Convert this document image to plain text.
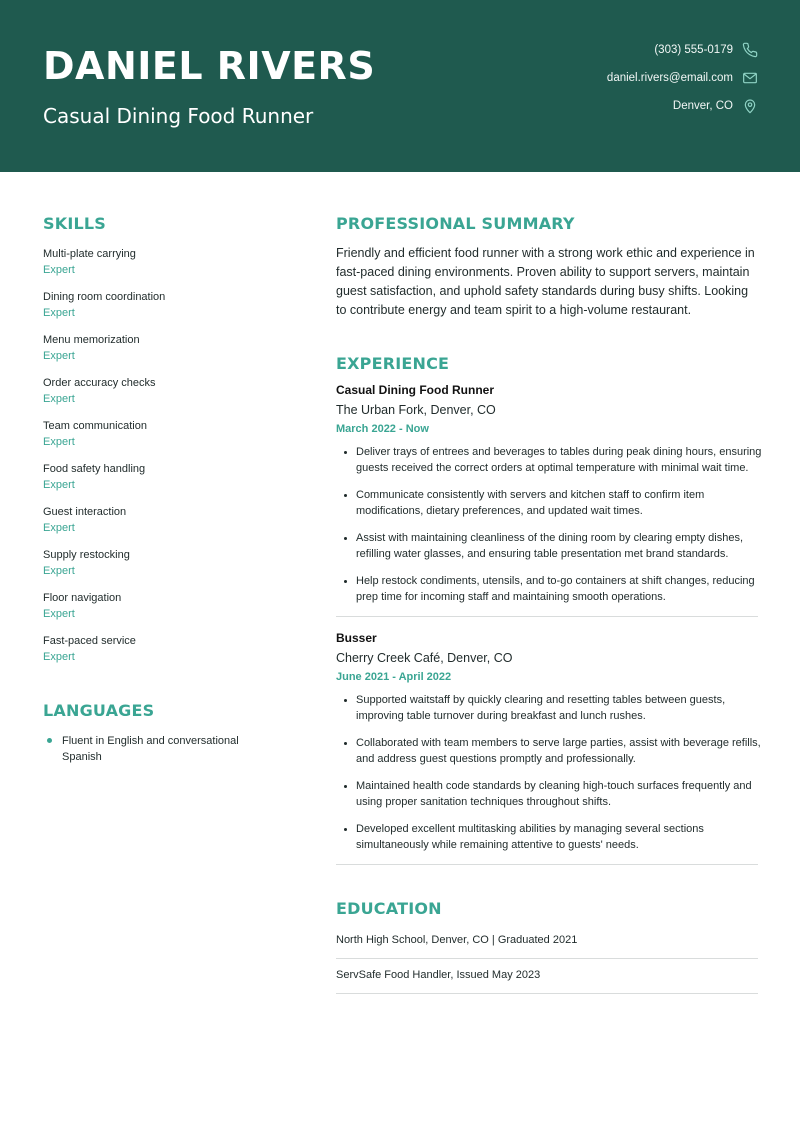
DANIEL RIVERS
Casual Dining Food Runner
(303) 555-0179
daniel.rivers@email.com
Denver, CO
SKILLS
Multi-plate carrying
Expert
Dining room coordination
Expert
Menu memorization
Expert
Order accuracy checks
Expert
Team communication
Expert
Food safety handling
Expert
Guest interaction
Expert
Supply restocking
Expert
Floor navigation
Expert
Fast-paced service
Expert
LANGUAGES
Fluent in English and conversational Spanish
PROFESSIONAL SUMMARY
Friendly and efficient food runner with a strong work ethic and experience in fast-paced dining environments. Proven ability to support servers, maintain guest satisfaction, and uphold safety standards during busy shifts. Looking to contribute energy and team spirit to a high-volume restaurant.
EXPERIENCE
Casual Dining Food Runner
The Urban Fork, Denver, CO
March 2022 - Now
Deliver trays of entrees and beverages to tables during peak dining hours, ensuring guests received the correct orders at optimal temperature with minimal wait time.
Communicate consistently with servers and kitchen staff to confirm item modifications, dietary preferences, and updated wait times.
Assist with maintaining cleanliness of the dining room by clearing empty dishes, refilling water glasses, and ensuring table presentation met brand standards.
Help restock condiments, utensils, and to-go containers at shift changes, reducing prep time for incoming staff and maintaining smooth operations.
Busser
Cherry Creek Café, Denver, CO
June 2021 - April 2022
Supported waitstaff by quickly clearing and resetting tables between guests, improving table turnover during breakfast and lunch rushes.
Collaborated with team members to serve large parties, assist with beverage refills, and address guest questions promptly and professionally.
Maintained health code standards by cleaning high-touch surfaces frequently and using proper sanitation techniques throughout shifts.
Developed excellent multitasking abilities by managing several sections simultaneously while remaining attentive to guests' needs.
EDUCATION
North High School, Denver, CO | Graduated 2021
ServSafe Food Handler, Issued May 2023
